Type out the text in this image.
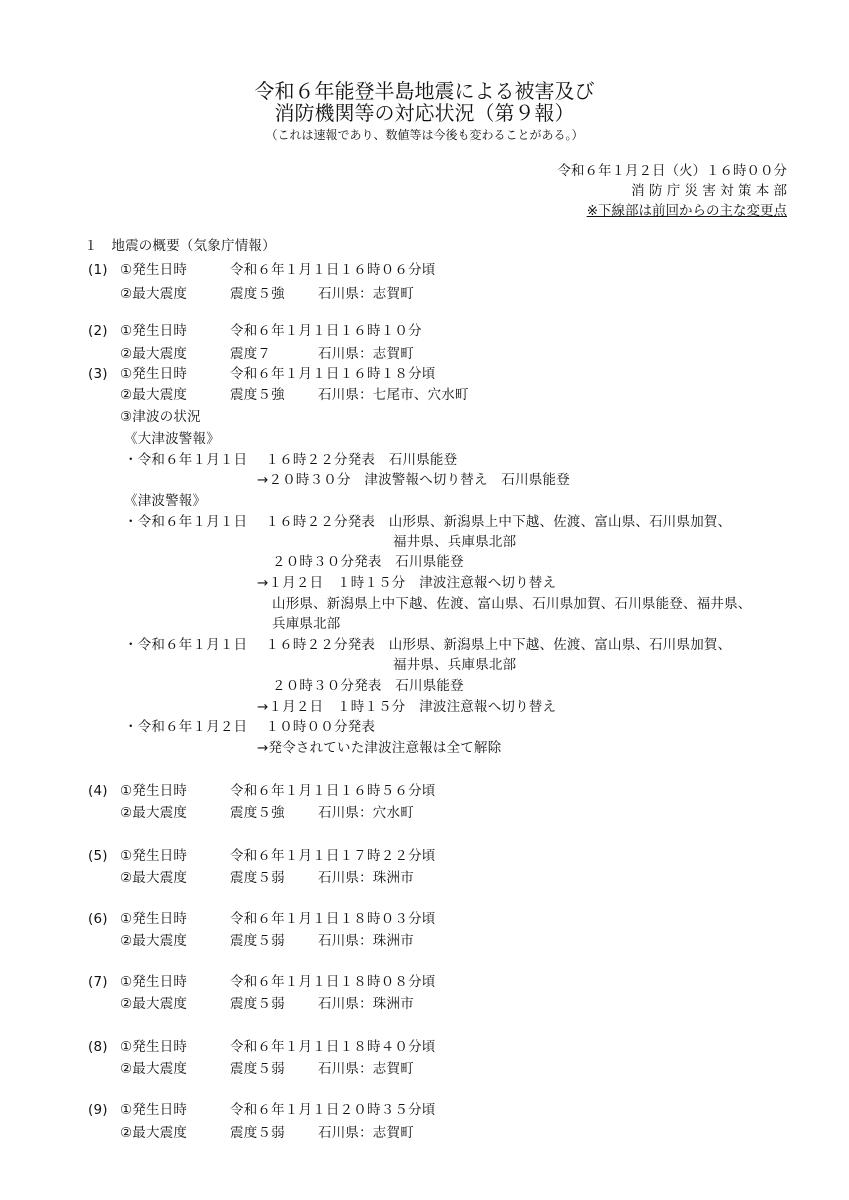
令和６年能登半島地震による被害及び
消防機関等の対応状況（第９報）
（これは速報であり、数値等は今後も変わることがある。）
令和６年１月２日（火）１６時００分
消 防 庁 災 害 対 策 本 部
※下線部は前回からの主な変更点
１　地震の概要（気象庁情報）
(1) ①発生日時	令和６年１月１日１６時０６分頃
②最大震度	震度５強 石川県：志賀町
(2) ①発生日時	令和６年１月１日１６時１０分
②最大震度	震度７	石川県：志賀町
(3) ①発生日時	令和６年１月１日１６時１８分頃
②最大震度	震度５強 石川県：七尾市、穴水町
③津波の状況
《大津波警報》
・令和６年１月１日　 １６時２２分発表　石川県能登
→２０時３０分　津波警報へ切り替え　石川県能登
《津波警報》
・令和６年１月１日　 １６時２２分発表　山形県、新潟県上中下越、佐渡、富山県、石川県加賀、
福井県、兵庫県北部
２０時３０分発表　石川県能登
→１月２日　１時１５分　津波注意報へ切り替え
山形県、新潟県上中下越、佐渡、富山県、石川県加賀、石川県能登、福井県、
兵庫県北部
・令和６年１月１日　 １６時２２分発表　山形県、新潟県上中下越、佐渡、富山県、石川県加賀、
福井県、兵庫県北部
２０時３０分発表　石川県能登
→１月２日　１時１５分　津波注意報へ切り替え
・令和６年１月２日　 １０時００分発表
→発令されていた津波注意報は全て解除
(4) ①発生日時	令和６年１月１日１６時５６分頃
②最大震度	震度５強 石川県：穴水町
(5) ①発生日時	令和６年１月１日１７時２２分頃
②最大震度	震度５弱 石川県：珠洲市
(6) ①発生日時	令和６年１月１日１８時０３分頃
②最大震度	震度５弱 石川県：珠洲市
(7) ①発生日時	令和６年１月１日１８時０８分頃
②最大震度	震度５弱 石川県：珠洲市
(8) ①発生日時	令和６年１月１日１８時４０分頃
②最大震度	震度５弱 石川県：志賀町
(9) ①発生日時	令和６年１月１日２０時３５分頃
②最大震度	震度５弱 石川県：志賀町
